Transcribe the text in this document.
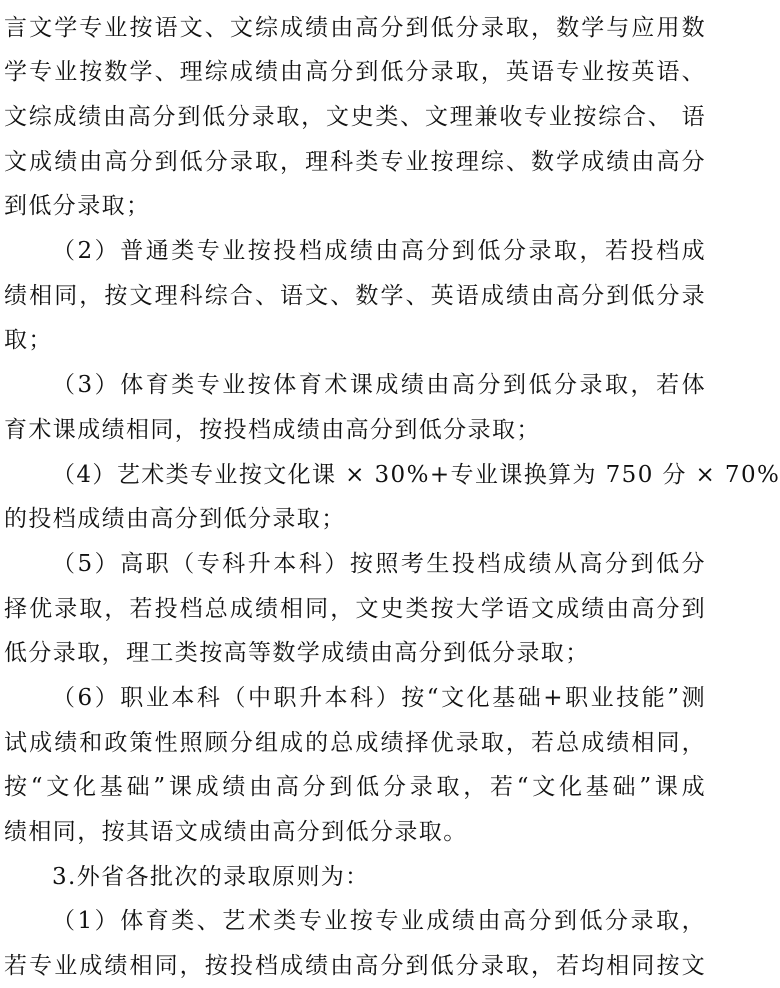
言文学专业按语文、文综成绩由高分到低分录取，数学与应用数
学专业按数学、理综成绩由高分到低分录取，英语专业按英语、
文综成绩由高分到低分录取，文史类、文理兼收专业按综合、 语
文成绩由高分到低分录取，理科类专业按理综、数学成绩由高分
到低分录取；
（2）普通类专业按投档成绩由高分到低分录取，若投档成
绩相同，按文理科综合、语文、数学、英语成绩由高分到低分录
取；
（3）体育类专业按体育术课成绩由高分到低分录取，若体
育术课成绩相同，按投档成绩由高分到低分录取；
（4）艺术类专业按文化课 × 30%+专业课换算为 750 分 × 70%
的投档成绩由高分到低分录取；
（5）高职（专科升本科）按照考生投档成绩从高分到低分
择优录取，若投档总成绩相同，文史类按大学语文成绩由高分到
低分录取，理工类按高等数学成绩由高分到低分录取；
（6）职业本科（中职升本科）按“文化基础+职业技能”测
试成绩和政策性照顾分组成的总成绩择优录取，若总成绩相同，
按“文化基础”课成绩由高分到低分录取，若“文化基础”课成
绩相同，按其语文成绩由高分到低分录取。
3.外省各批次的录取原则为：
（1）体育类、艺术类专业按专业成绩由高分到低分录取，
若专业成绩相同，按投档成绩由高分到低分录取，若均相同按文
